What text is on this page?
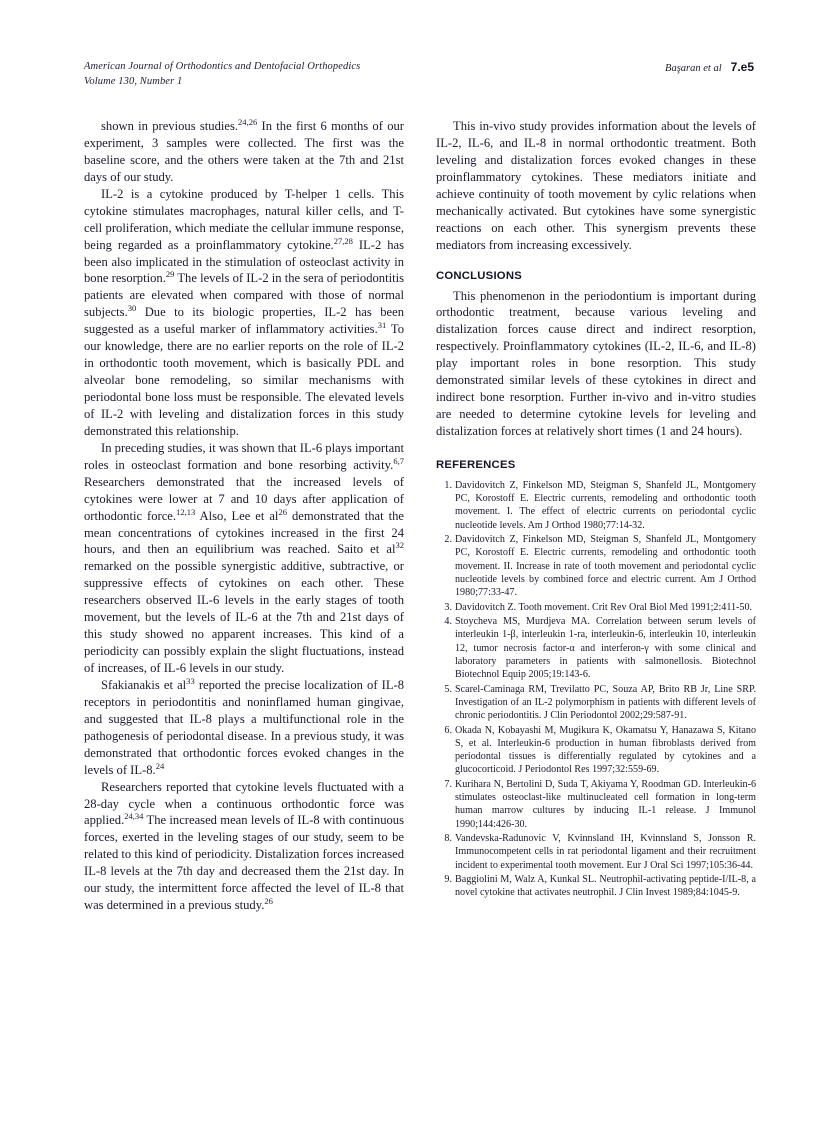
American Journal of Orthodontics and Dentofacial Orthopedics
Volume 130, Number 1
Başaran et al 7.e5

shown in previous studies.$^{24,26}$ In the first 6 months of our experiment, 3 samples were collected. The first was the baseline score, and the others were taken at the 7th and 21st days of our study.

IL-2 is a cytokine produced by T-helper 1 cells. This cytokine stimulates macrophages, natural killer cells, and T-cell proliferation, which mediate the cellular immune response, being regarded as a proinflammatory cytokine.$^{27,28}$ IL-2 has been also implicated in the stimulation of osteoclast activity in bone resorption.$^{29}$ The levels of IL-2 in the sera of periodontitis patients are elevated when compared with those of normal subjects.$^{30}$ Due to its biologic properties, IL-2 has been suggested as a useful marker of inflammatory activities.$^{31}$ To our knowledge, there are no earlier reports on the role of IL-2 in orthodontic tooth movement, which is basically PDL and alveolar bone remodeling, so similar mechanisms with periodontal bone loss must be responsible. The elevated levels of IL-2 with leveling and distalization forces in this study demonstrated this relationship.

In preceding studies, it was shown that IL-6 plays important roles in osteoclast formation and bone resorbing activity.$^{6,7}$ Researchers demonstrated that the increased levels of cytokines were lower at 7 and 10 days after application of orthodontic force.$^{12,13}$ Also, Lee et $al^{26}$ demonstrated that the mean concentrations of cytokines increased in the first 24 hours, and then an equilibrium was reached. Saito et $al^{32}$ remarked on the possible synergistic additive, subtractive, or suppressive effects of cytokines on each other. These researchers observed IL-6 levels in the early stages of tooth movement, but the levels of IL-6 at the 7th and 21st days of this study showed no apparent increases. This kind of a periodicity can possibly explain the slight fluctuations, instead of increases, of IL-6 levels in our study.

Sfakianakis et $al^{33}$ reported the precise localization of IL-8 receptors in periodontitis and noninflamed human gingivae, and suggested that IL-8 plays a multifunctional role in the pathogenesis of periodontal disease. In a previous study, it was demonstrated that orthodontic forces evoked changes in the levels of IL-8.24

Researchers reported that cytokine levels fluctuated with a 28-day cycle when a continuous orthodontic force was applied.$^{24,34}$ The increased mean levels of IL-8 with continuous forces, exerted in the leveling stages of our study, seem to be related to this kind of periodicity. Distalization forces increased IL-8 levels at the 7th day and decreased them the 21st day. In our study, the intermittent force affected the level of IL-8 that was determined in a previous study.$^{26}$

This in-vivo study provides information about the levels of IL-2, IL-6, and IL-8 in normal orthodontic treatment. Both leveling and distalization forces evoked changes in these proinflammatory cytokines. These mediators initiate and achieve continuity of tooth movement by cylic relations when mechanically activated. But cytokines have some synergistic reactions on each other. This synergism prevents these mediators from increasing excessively.

CONCLUSIONS

This phenomenon in the periodontium is important during orthodontic treatment, because various leveling and distalization forces cause direct and indirect resorption, respectively. Proinflammatory cytokines (IL-2, IL-6, and IL-8) play important roles in bone resorption. This study demonstrated similar levels of these cytokines in direct and indirect bone resorption. Further in-vivo and in-vitro studies are needed to determine cytokine levels for leveling and distalization forces at relatively short times (1 and 24 hours).

REFERENCES
Davidovitch Z, Finkelson MD, Steigman S, Shanfeld JL, Montgomery PC, Korostoff E. Electric currents, remodeling and orthodontic tooth movement. I. The effect of electric currents on periodontal cyclic nucleotide levels. Am J Orthod 1980;77:14-32.
Davidovitch Z, Finkelson MD, Steigman S, Shanfeld JL, Montgomery PC, Korostoff E. Electric currents, remodeling and orthodontic tooth movement. II. Increase in rate of tooth movement and periodontal cyclic nucleotide levels by combined force and electric current. Am J Orthod 1980;77:33-47.
Davidovitch Z. Tooth movement. Crit Rev Oral Biol Med 1991;2:411-50.
Stoycheva MS, Murdjeva MA. Correlation between serum levels of interleukin 1-β, interleukin 1-ra, interleukin-6, interleukin 10, interleukin 12, tumor necrosis factor-α and interferon-γ with some clinical and laboratory parameters in patients with salmonellosis. Biotechnol Biotechnol Equip 2005;19:143-6.
Scarel-Caminaga RM, Trevilatto PC, Souza AP, Brito RB Jr, Line SRP. Investigation of an IL-2 polymorphism in patients with different levels of chronic periodontitis. J Clin Periodontol 2002;29:587-91.
Okada N, Kobayashi M, Mugikura K, Okamatsu Y, Hanazawa S, Kitano S, et al. Interleukin-6 production in human fibroblasts derived from periodontal tissues is differentially regulated by cytokines and a glucocorticoid. J Periodontol Res 1997;32:559-69.
Kurihara N, Bertolini D, Suda T, Akiyama Y, Roodman GD. Interleukin-6 stimulates osteoclast-like multinucleated cell formation in long-term human marrow cultures by inducing IL-1 release. J Immunol 1990;144:426-30.
Vandevska-Radunovic V, Kvinnsland IH, Kvinnsland S, Jonsson R. Immunocompetent cells in rat periodontal ligament and their recruitment incident to experimental tooth movement. Eur J Oral Sci 1997;105:36-44.
Baggiolini M, Walz A, Kunkal SL. Neutrophil-activating peptide-I/IL-8, a novel cytokine that activates neutrophil. J Clin Invest 1989;84:1045-9.
